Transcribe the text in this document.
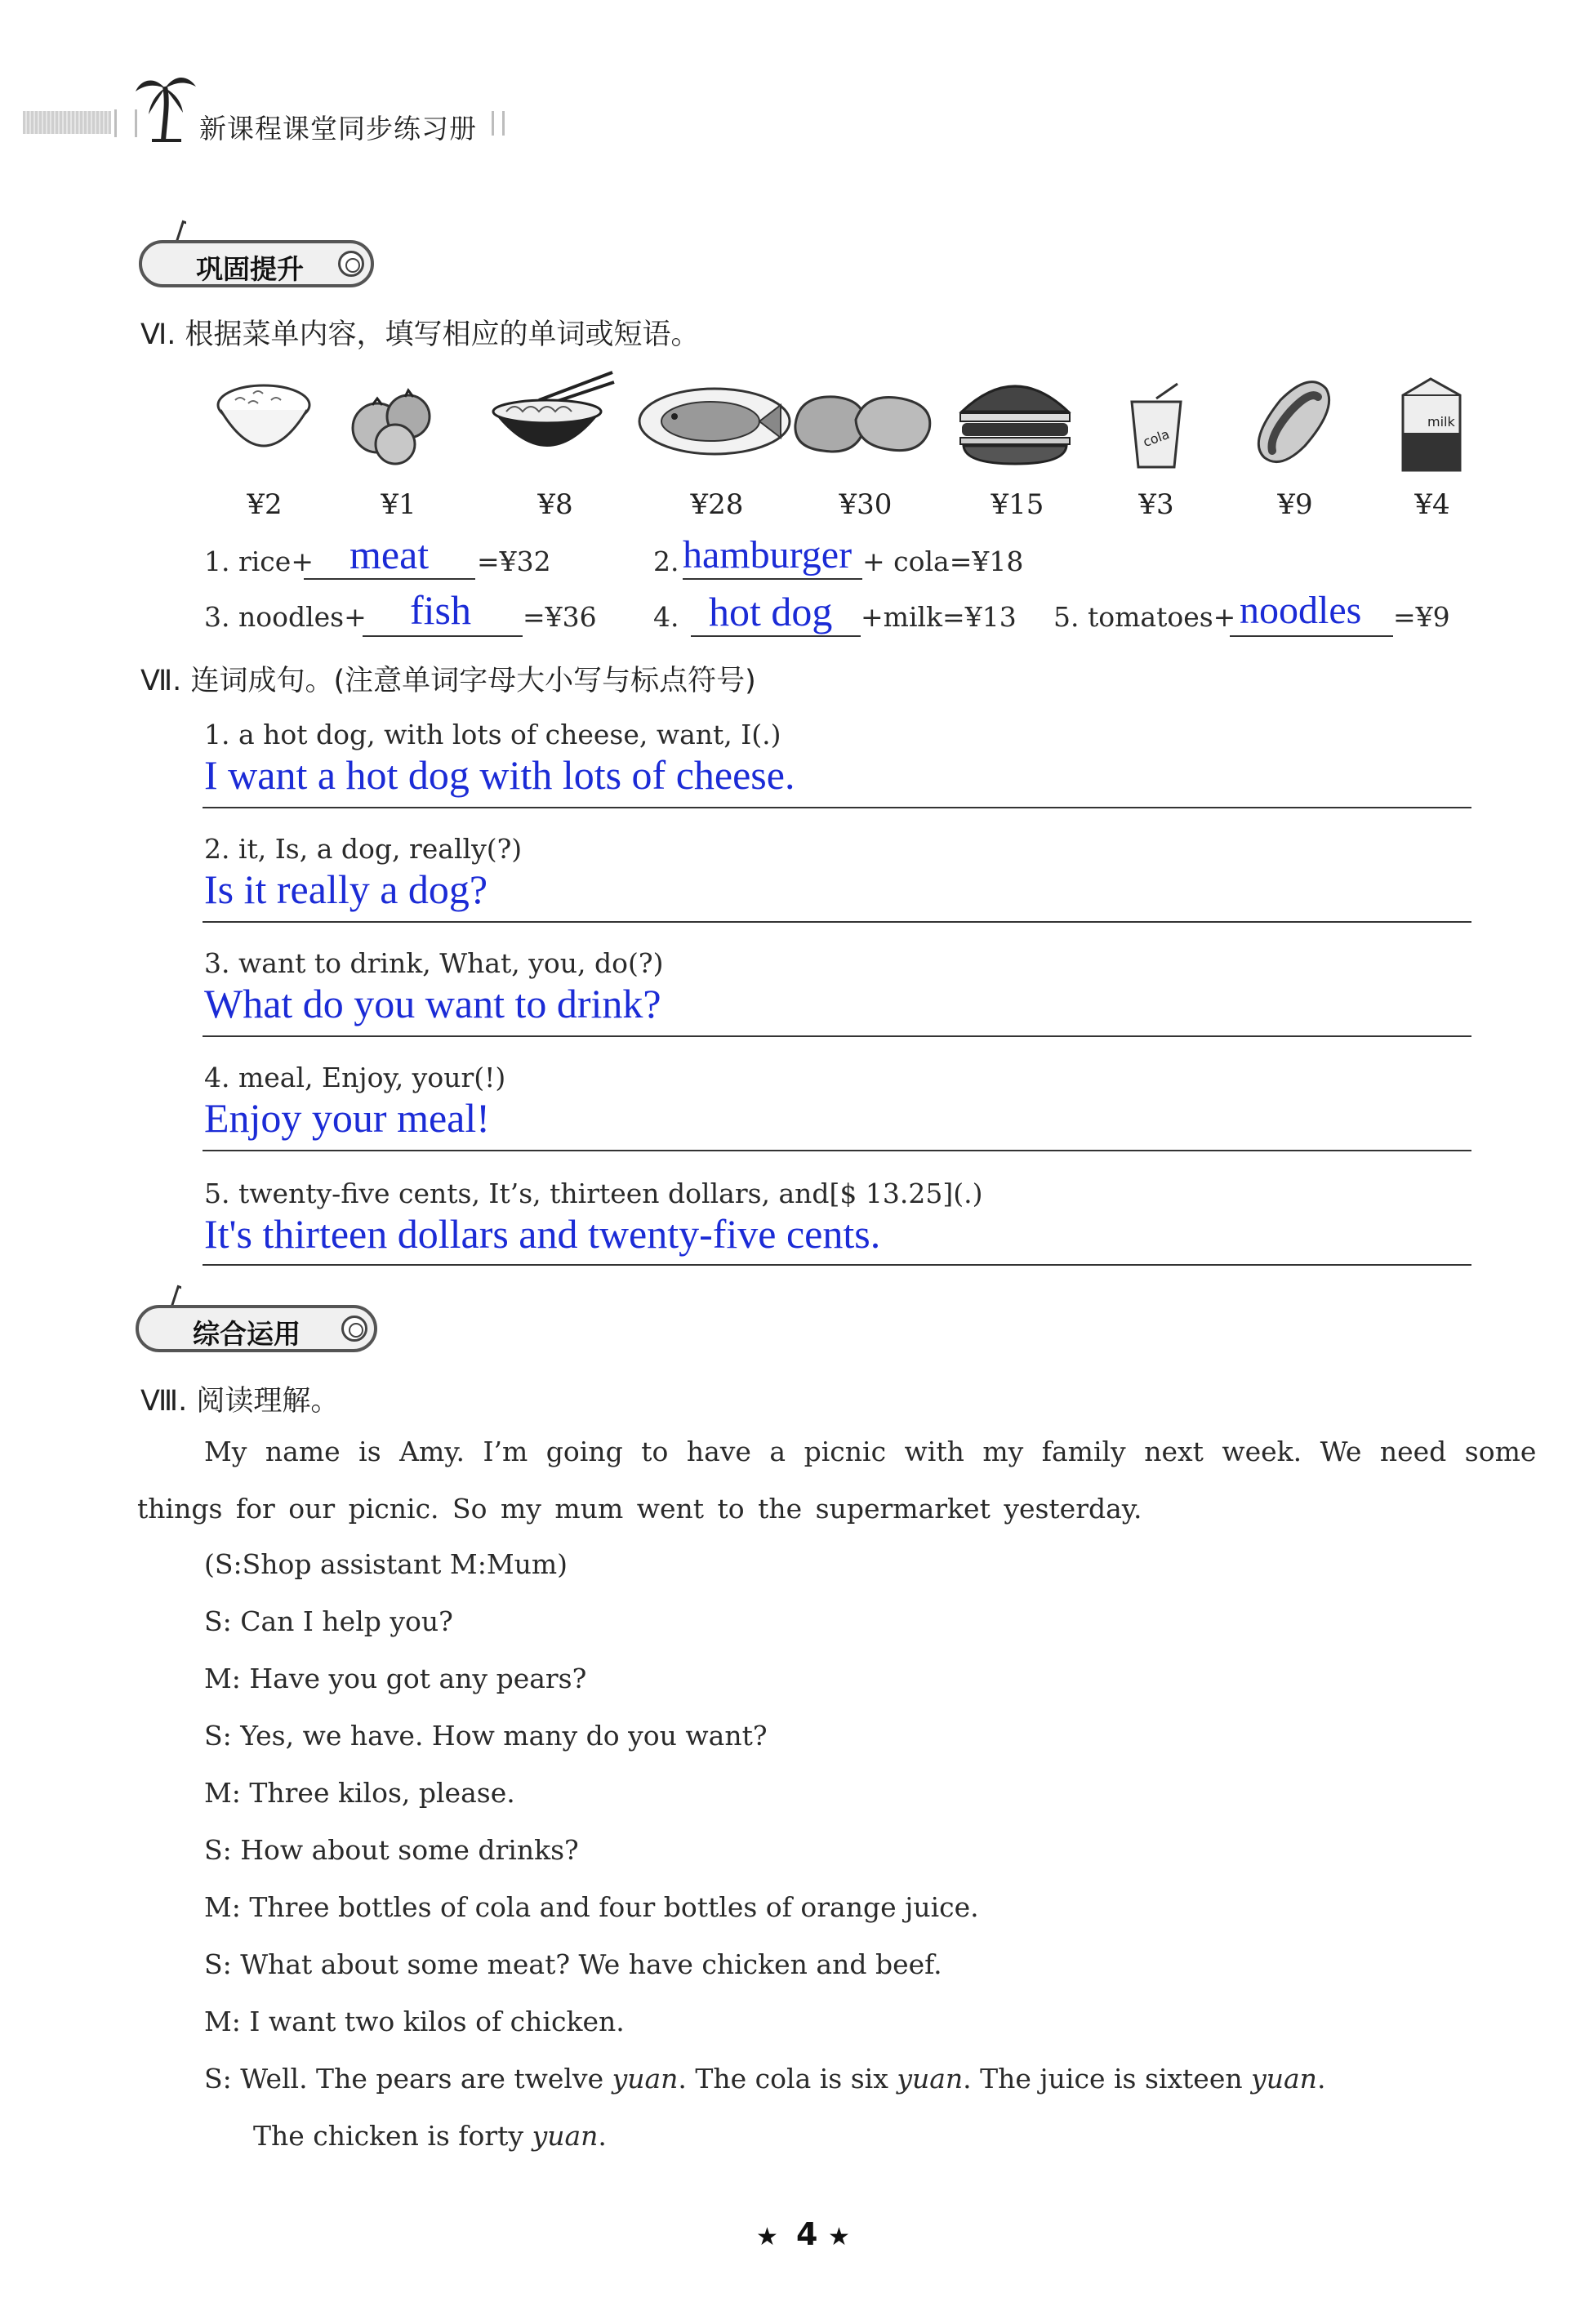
新课程课堂同步练习册
巩固提升
Ⅵ. 根据菜单内容，填写相应的单词或短语。
cola
milk
¥2	¥1	¥8	¥28	¥30	¥15	¥3	¥9	¥4
1. rice+ meat =¥32	2. hamburger + cola=¥18
3. noodles+ fish =¥36 4. hot dog +milk=¥13 5. tomatoes+ noodles =¥9
Ⅶ. 连词成句。(注意单词字母大小写与标点符号)
1. a hot dog, with lots of cheese, want, I(.)
I want a hot dog with lots of cheese.
2. it, Is, a dog, really(?)
Is it really a dog?
3. want to drink, What, you, do(?)
What do you want to drink?
4. meal, Enjoy, your(!)
Enjoy your meal!
5. twenty-five cents, It’s, thirteen dollars, and[$ 13.25](.)
It's thirteen dollars and twenty-five cents.
综合运用
Ⅷ. 阅读理解。
My name is Amy. I’m going to have a picnic with my family next week. We need some
things for our picnic. So my mum went to the supermarket yesterday.
(S:Shop assistant M:Mum)
S: Can I help you?
M: Have you got any pears?
S: Yes, we have. How many do you want?
M: Three kilos, please.
S: How about some drinks?
M: Three bottles of cola and four bottles of orange juice.
S: What about some meat? We have chicken and beef.
M: I want two kilos of chicken.
S: Well. The pears are twelve yuan. The cola is six yuan. The juice is sixteen yuan.
The chicken is forty yuan.
★ 4 ★
